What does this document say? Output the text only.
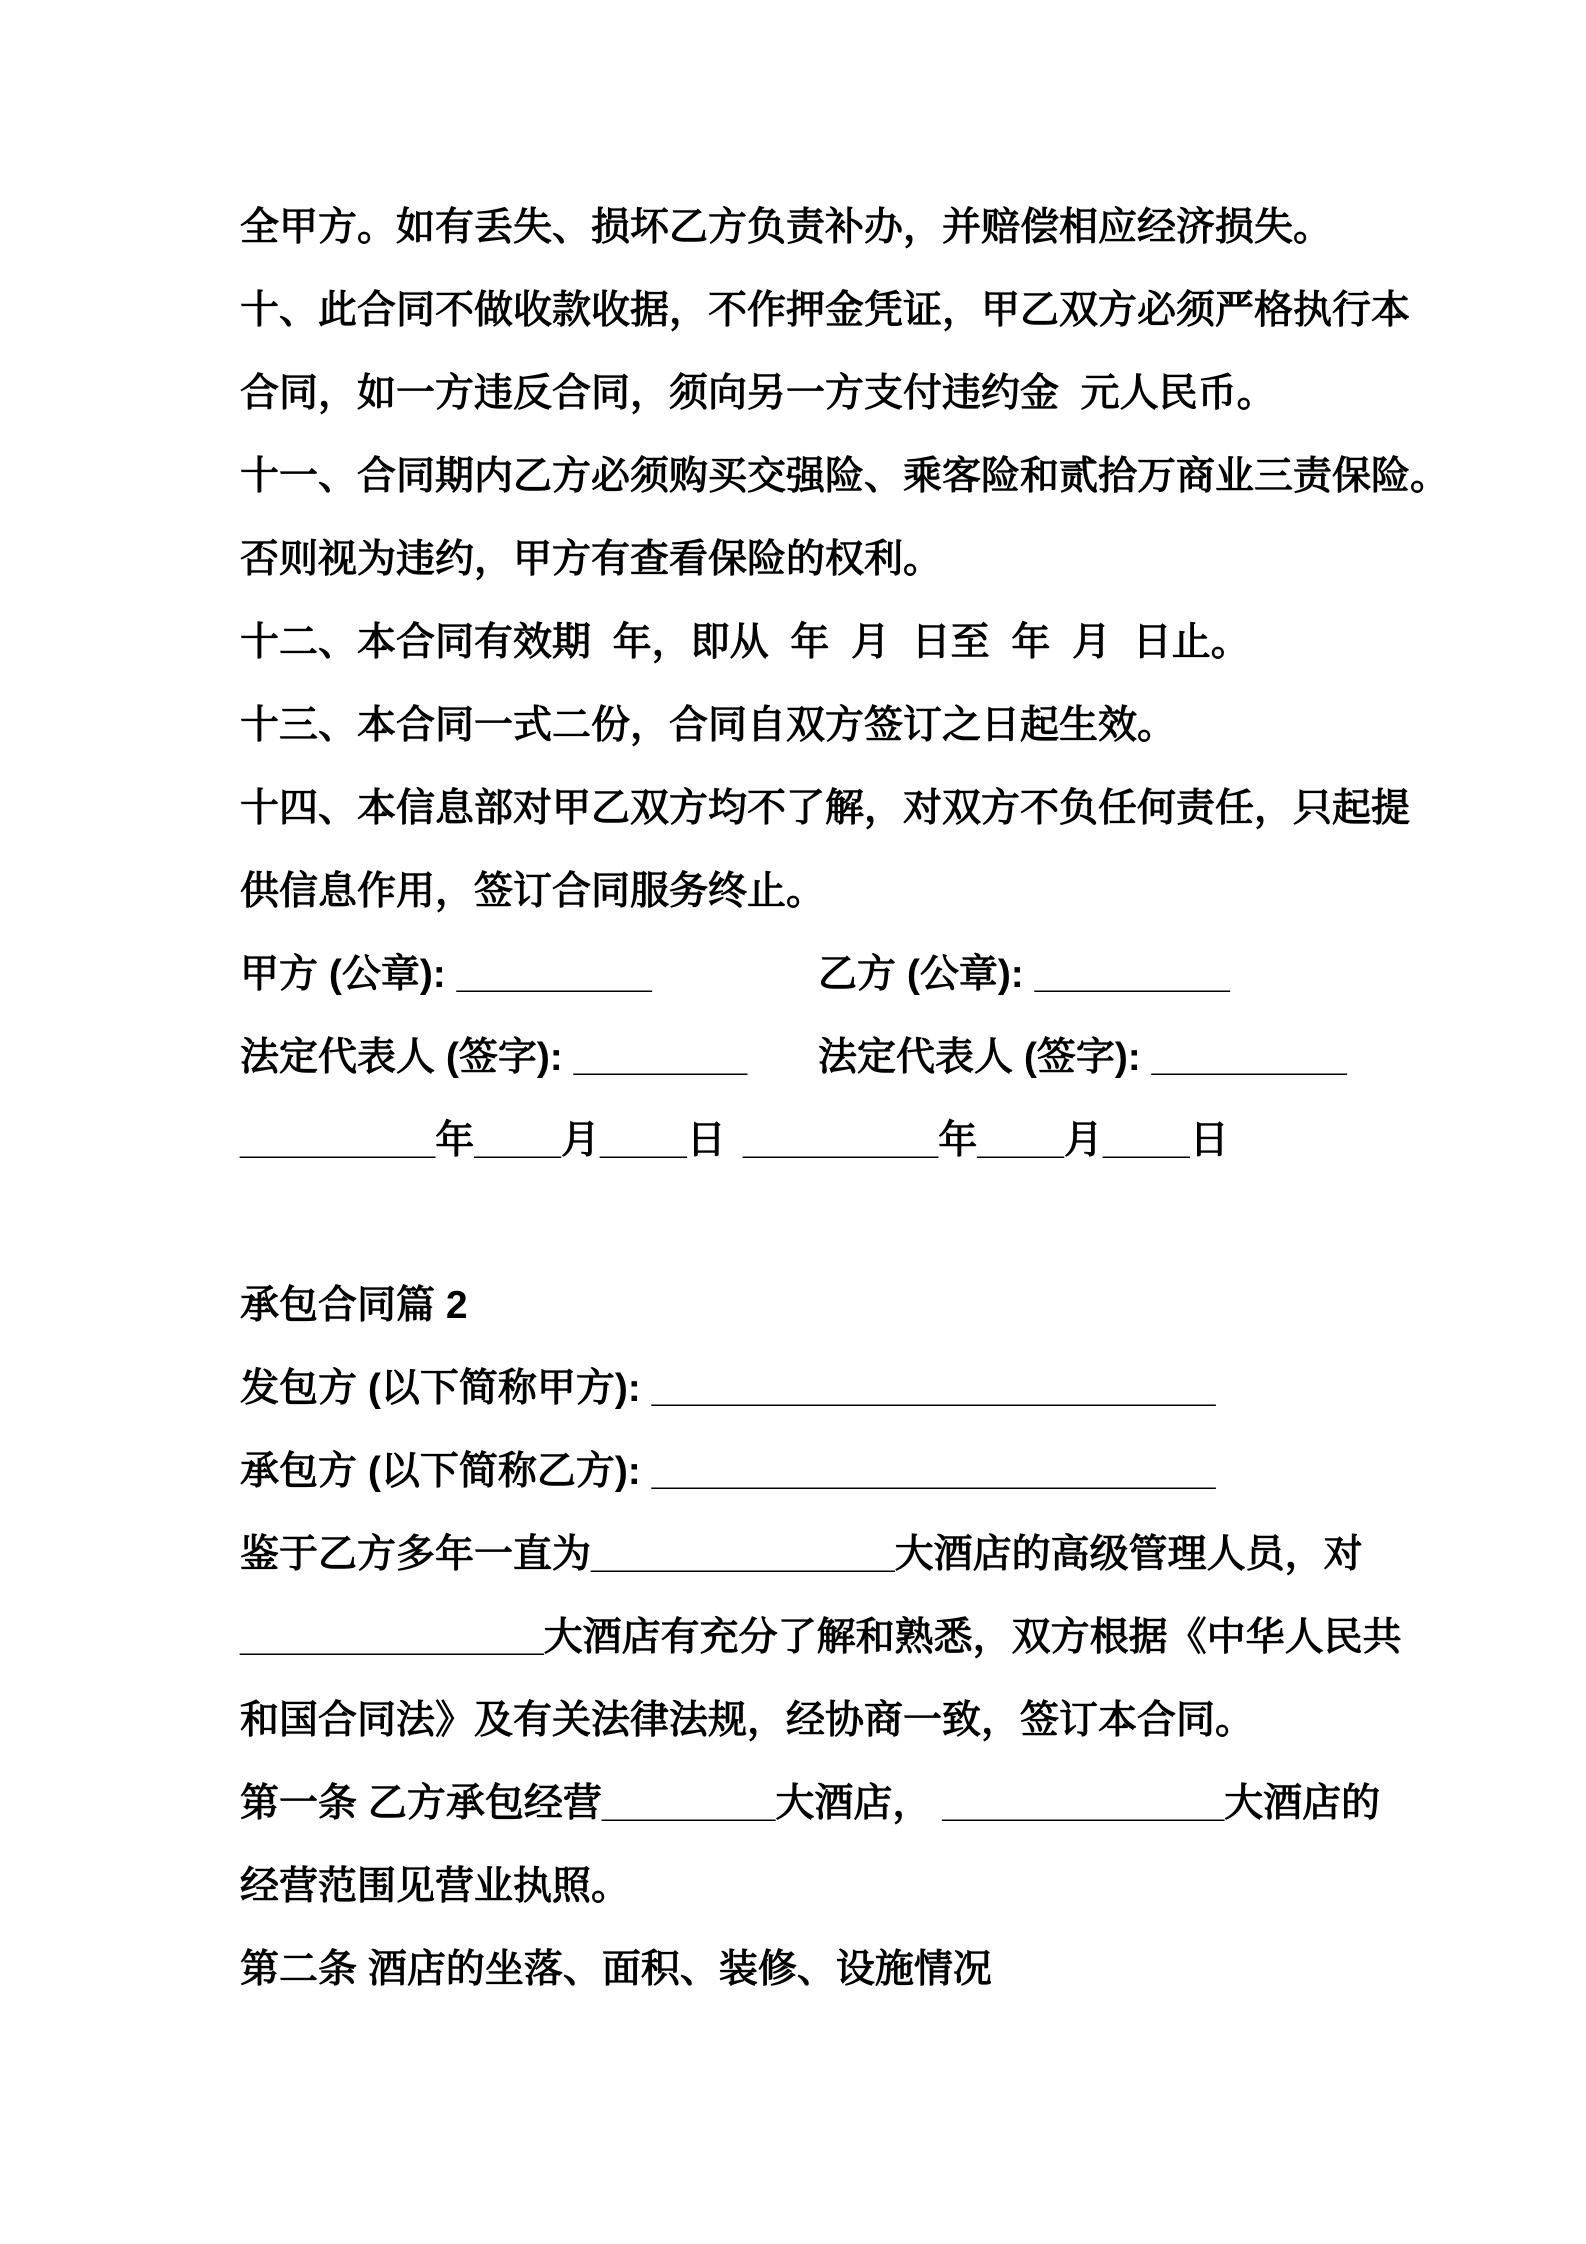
全甲方。如有丢失、损坏乙方负责补办，并赔偿相应经济损失。

十、此合同不做收款收据，不作押金凭证，甲乙双方必须严格执行本

合同，如一方违反合同，须向另一方支付违约金  元人民币。

十一、合同期内乙方必须购买交强险、乘客险和贰拾万商业三责保险。

否则视为违约，甲方有查看保险的权利。

十二、本合同有效期  年，即从  年  月  日至  年  月  日止。

十三、本合同一式二份，合同自双方签订之日起生效。

十四、本信息部对甲乙双方均不了解，对双方不负任何责任，只起提

供信息作用，签订合同服务终止。

甲方 (公章): _________	乙方 (公章): _________
法定代表人 (签字): ________	法定代表人 (签字): _________
_________年____月____日 _________年____月____日
承包合同篇 2

发包方 (以下简称甲方): __________________________

承包方 (以下简称乙方): __________________________

鉴于乙方多年一直为______________大酒店的高级管理人员，对

______________大酒店有充分了解和熟悉，双方根据《中华人民共

和国合同法》及有关法律法规，经协商一致，签订本合同。

第一条 乙方承包经营________大酒店， _____________大酒店的

经营范围见营业执照。

第二条 酒店的坐落、面积、装修、设施情况
